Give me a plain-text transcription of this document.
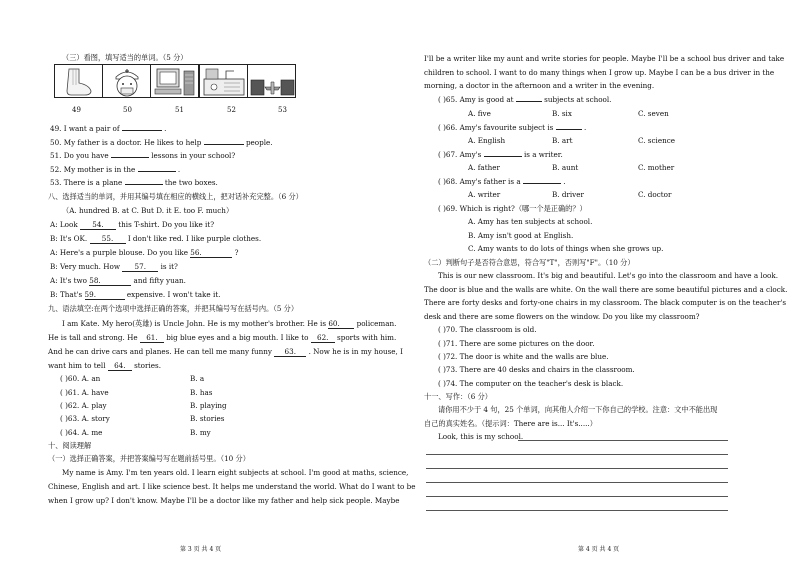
（三）看图，填写适当的单词。（5 分）
49	50	51	52	53
49. I want a pair of	.
50. My father is a doctor. He likes to help	people.
51. Do you have	lessons in your school?
52. My mother is in the	.
53. There is a plane	the two boxes.
八、选择适当的单词，并用其编号填在相应的横线上，把对话补充完整。（6 分）
（A. hundred B. at C. But D. it E. too F. much）
A: Look 54. this T-shirt. Do you like it?
B: It's OK. 55. I don't like red. I like purple clothes.
A: Here's a purple blouse. Do you like 56.	?
B: Very much. How 57. is it?
A: It's two 58.	and fifty yuan.
B: That's 59.	expensive. I won't take it.
九、语法填空:在两个选项中选择正确的答案，并把其编号写在括号内。（5 分）
I am Kate. My hero(英雄) is Uncle John. He is my mother's brother. He is 60. policeman.
He is tall and strong. He 61. big blue eyes and a big mouth. I like to 62. sports with him.
And he can drive cars and planes. He can tell me many funny 63. . Now he is in my house, I
want him to tell 64. stories.
( )60. A. an	B. a
( )61. A. have	B. has
( )62. A. play	B. playing
( )63. A. story	B. stories
( )64. A. me	B. my
十、阅读理解
（一）选择正确答案，并把答案编号写在题前括号里。（10 分）
My name is Amy. I'm ten years old. I learn eight subjects at school. I'm good at maths, science,
Chinese, English and art. I like science best. It helps me understand the world. What do I want to be
when I grow up? I don't know. Maybe I'll be a doctor like my father and help sick people. Maybe
第 3 页 共 4 页
I'll be a writer like my aunt and write stories for people. Maybe I'll be a school bus driver and take
children to school. I want to do many things when I grow up. Maybe I can be a bus driver in the
morning, a doctor in the afternoon and a writer in the evening.
( )65. Amy is good at	subjects at school.
A. five	B. six	C. seven
( )66. Amy's favourite subject is	.
A. English	B. art	C. science
( )67. Amy's	is a writer.
A. father	B. aunt	C. mother
( )68. Amy's father is a	.
A. writer	B. driver	C. doctor
( )69. Which is right?（哪一个是正确的？）
A. Amy has ten subjects at school.
B. Amy isn't good at English.
C. Amy wants to do lots of things when she grows up.
（二）判断句子是否符合意思，符合写"T"，否则写"F"。（10 分）
This is our new classroom. It's big and beautiful. Let's go into the classroom and have a look.
The door is blue and the walls are white. On the wall there are some beautiful pictures and a clock.
There are forty desks and forty-one chairs in my classroom. The black computer is on the teacher's
desk and there are some flowers on the window. Do you like my classroom?
( )70. The classroom is old.
( )71. There are some pictures on the door.
( )72. The door is white and the walls are blue.
( )73. There are 40 desks and chairs in the classroom.
( )74. The computer on the teacher's desk is black.
十一、写作：（6 分）
请你用不少于 4 句，25 个单词，向其他人介绍一下你自己的学校。注意：文中不能出现
自己的真实姓名。（提示词：There are is... It's.....）
Look, this is my school.
第 4 页 共 4 页
